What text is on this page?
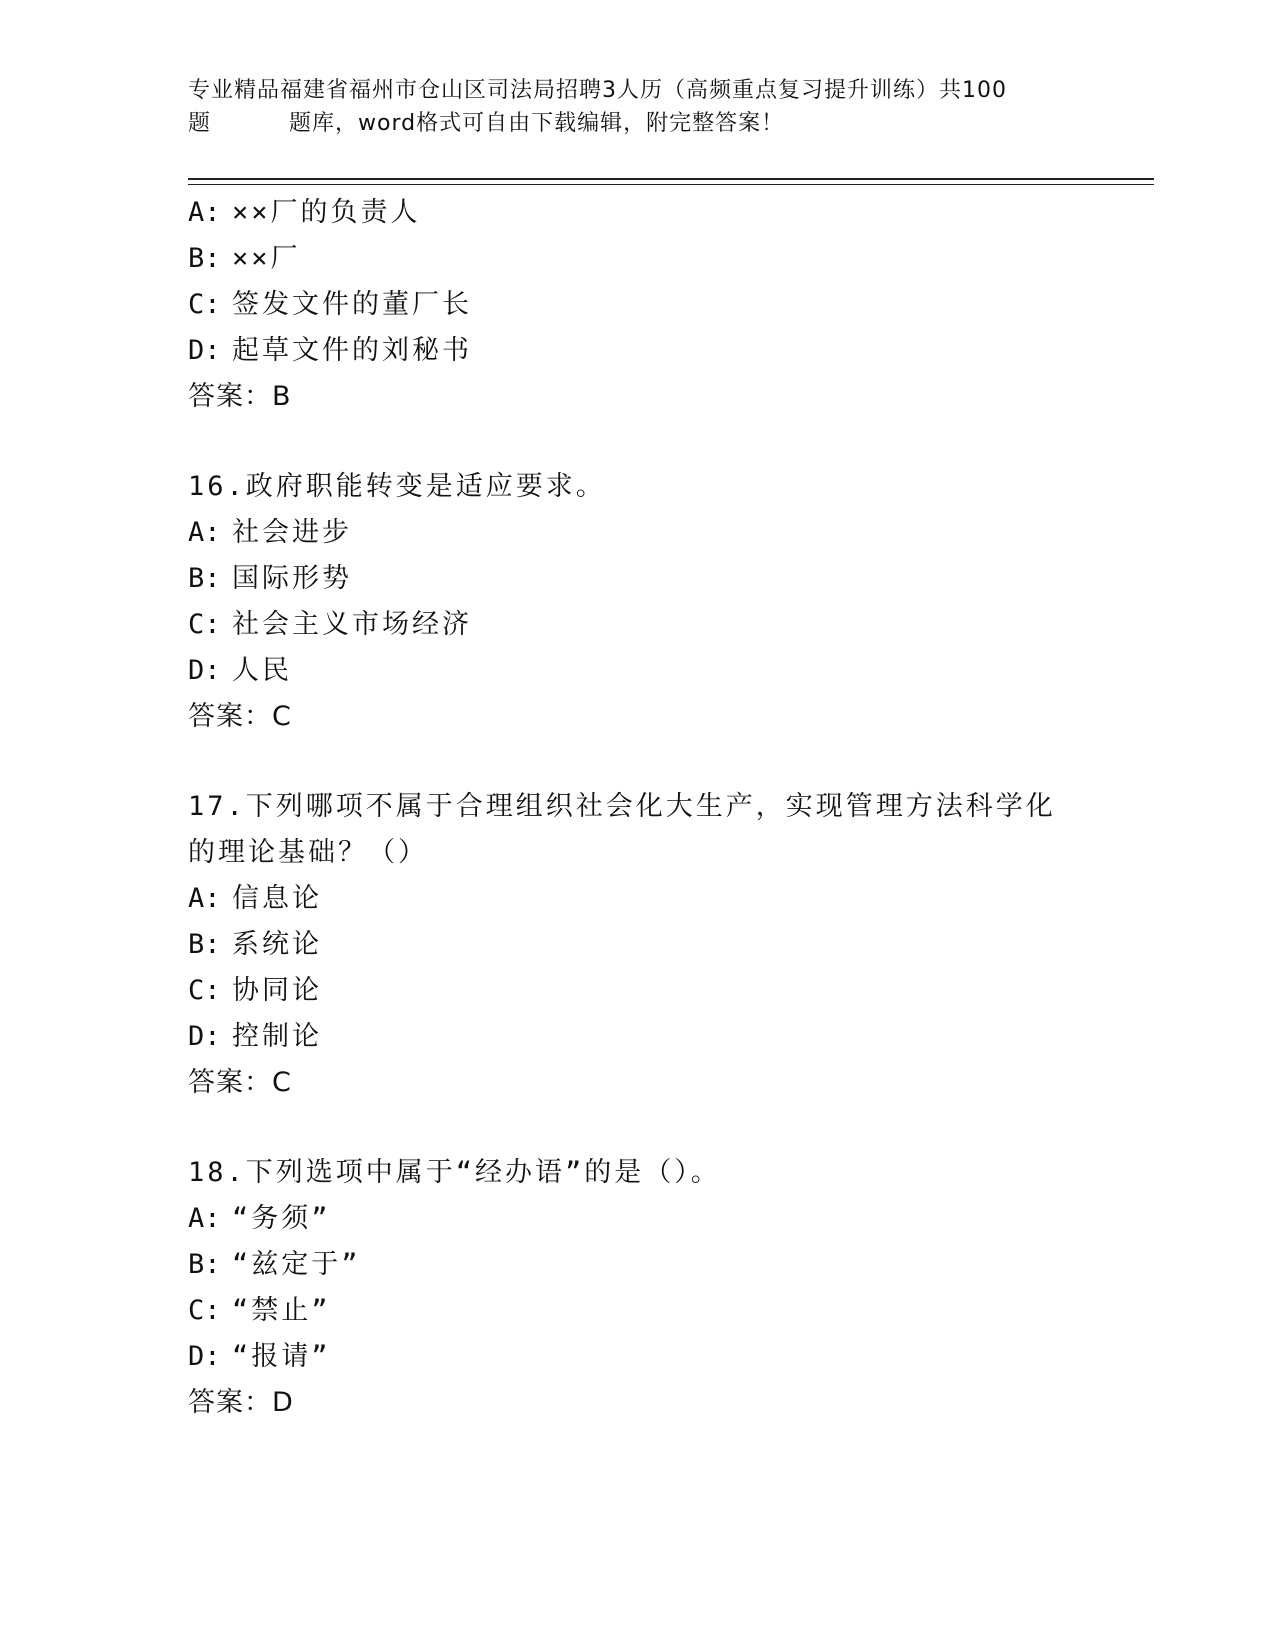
专业精品福建省福州市仓山区司法局招聘3人历（高频重点复习提升训练）共100
题	题库，word格式可自由下载编辑，附完整答案！
A: ××厂的负责人
B: ××厂
C: 签发文件的董厂长
D: 起草文件的刘秘书
答案：B
16.政府职能转变是适应要求。
A: 社会进步
B: 国际形势
C: 社会主义市场经济
D: 人民
答案：C
17.下列哪项不属于合理组织社会化大生产，实现管理方法科学化的理论基础？（）
A: 信息论
B: 系统论
C: 协同论
D: 控制论
答案：C
18.下列选项中属于“经办语”的是（）。
A: “务须”
B: “兹定于”
C: “禁止”
D: “报请”
答案：D
